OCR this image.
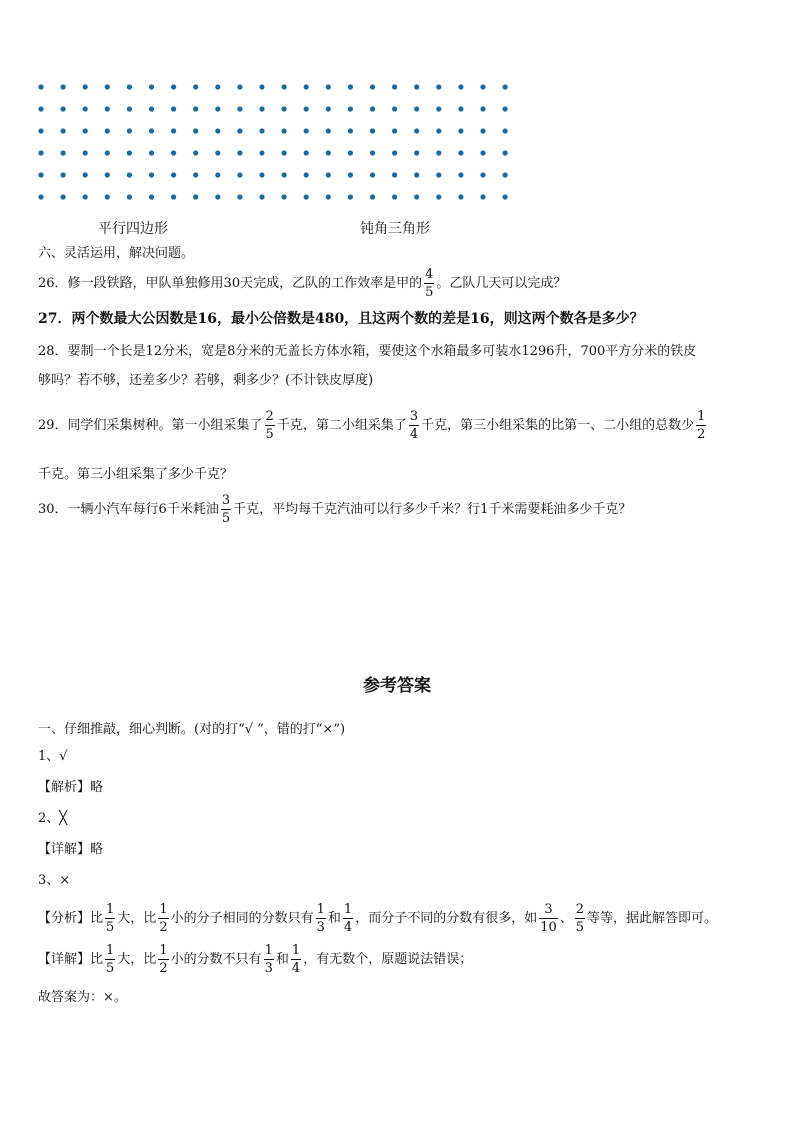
平行四边形	钝角三角形
六、灵活运用，解决问题。
26．修一段铁路，甲队单独修用30天完成，乙队的工作效率是甲的 $\frac{4}{5}$ 。乙队几天可以完成？
27．两个数最大公因数是16，最小公倍数是480，且这两个数的差是16，则这两个数各是多少？
28．要制一个长是12分米，宽是8分米的无盖长方体水箱，要使这个水箱最多可装水1296升，700平方分米的铁皮
够吗？若不够，还差多少？若够，剩多少？(不计铁皮厚度)
29．同学们采集树种。第一小组采集了 $\frac{2}{5}$ 千克，第二小组采集了 $\frac{3}{4}$ 千克，第三小组采集的比第一、二小组的总数少 $\frac{1}{2}$
千克。第三小组采集了多少千克？
30．一辆小汽车每行6千米耗油 $\frac{3}{5}$ 千克，平均每千克汽油可以行多少千米？行1千米需要耗油多少千克？
参考答案
一、仔细推敲，细心判断。(对的打“√ ”，错的打“×”)
1、√
【解析】略
2、╳
【详解】略
3、×
【分析】比 $\frac{1}{5}$ 大，比 $\frac{1}{2}$ 小的分子相同的分数只有 $\frac{1}{3}$ 和 $\frac{1}{4}$ ，而分子不同的分数有很多，如 $\frac{3}{10}$ 、 $\frac{2}{5}$ 等等，据此解答即可。
【详解】比 $\frac{1}{5}$ 大，比 $\frac{1}{2}$ 小的分数不只有 $\frac{1}{3}$ 和 $\frac{1}{4}$ ，有无数个，原题说法错误；
故答案为：×。
